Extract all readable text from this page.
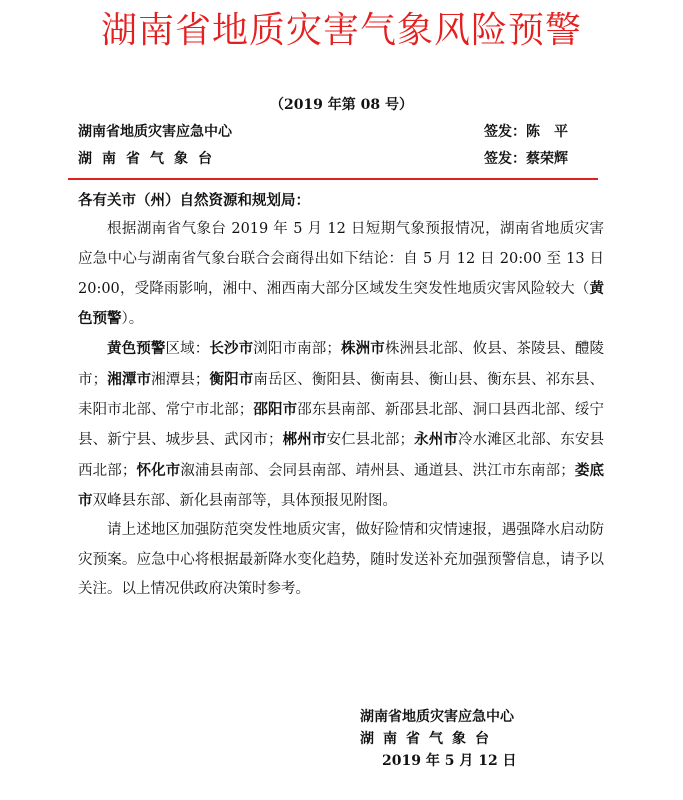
湖南省地质灾害气象风险预警
（2019 年第 08 号）
湖南省地质灾害应急中心
湖南省气象台
签发：陈　平
签发：蔡荣辉

各有关市（州）自然资源和规划局：

根据湖南省气象台 2019 年 5 月 12 日短期气象预报情况，湖南省地质灾害应急中心与湖南省气象台联合会商得出如下结论：自 5 月 12 日 20:00 至 13 日 20:00，受降雨影响，湘中、湘西南大部分区域发生突发性地质灾害风险较大（黄色预警）。

黄色预警区域：长沙市浏阳市南部；株洲市株洲县北部、攸县、茶陵县、醴陵市；湘潭市湘潭县；衡阳市南岳区、衡阳县、衡南县、衡山县、衡东县、祁东县、耒阳市北部、常宁市北部；邵阳市邵东县南部、新邵县北部、洞口县西北部、绥宁县、新宁县、城步县、武冈市；郴州市安仁县北部；永州市冷水滩区北部、东安县西北部；怀化市溆浦县南部、会同县南部、靖州县、通道县、洪江市东南部；娄底市双峰县东部、新化县南部等，具体预报见附图。

请上述地区加强防范突发性地质灾害，做好险情和灾情速报，遇强降水启动防灾预案。应急中心将根据最新降水变化趋势，随时发送补充加强预警信息，请予以关注。以上情况供政府决策时参考。

湖南省地质灾害应急中心
湖南省气象台
2019 年 5 月 12 日
